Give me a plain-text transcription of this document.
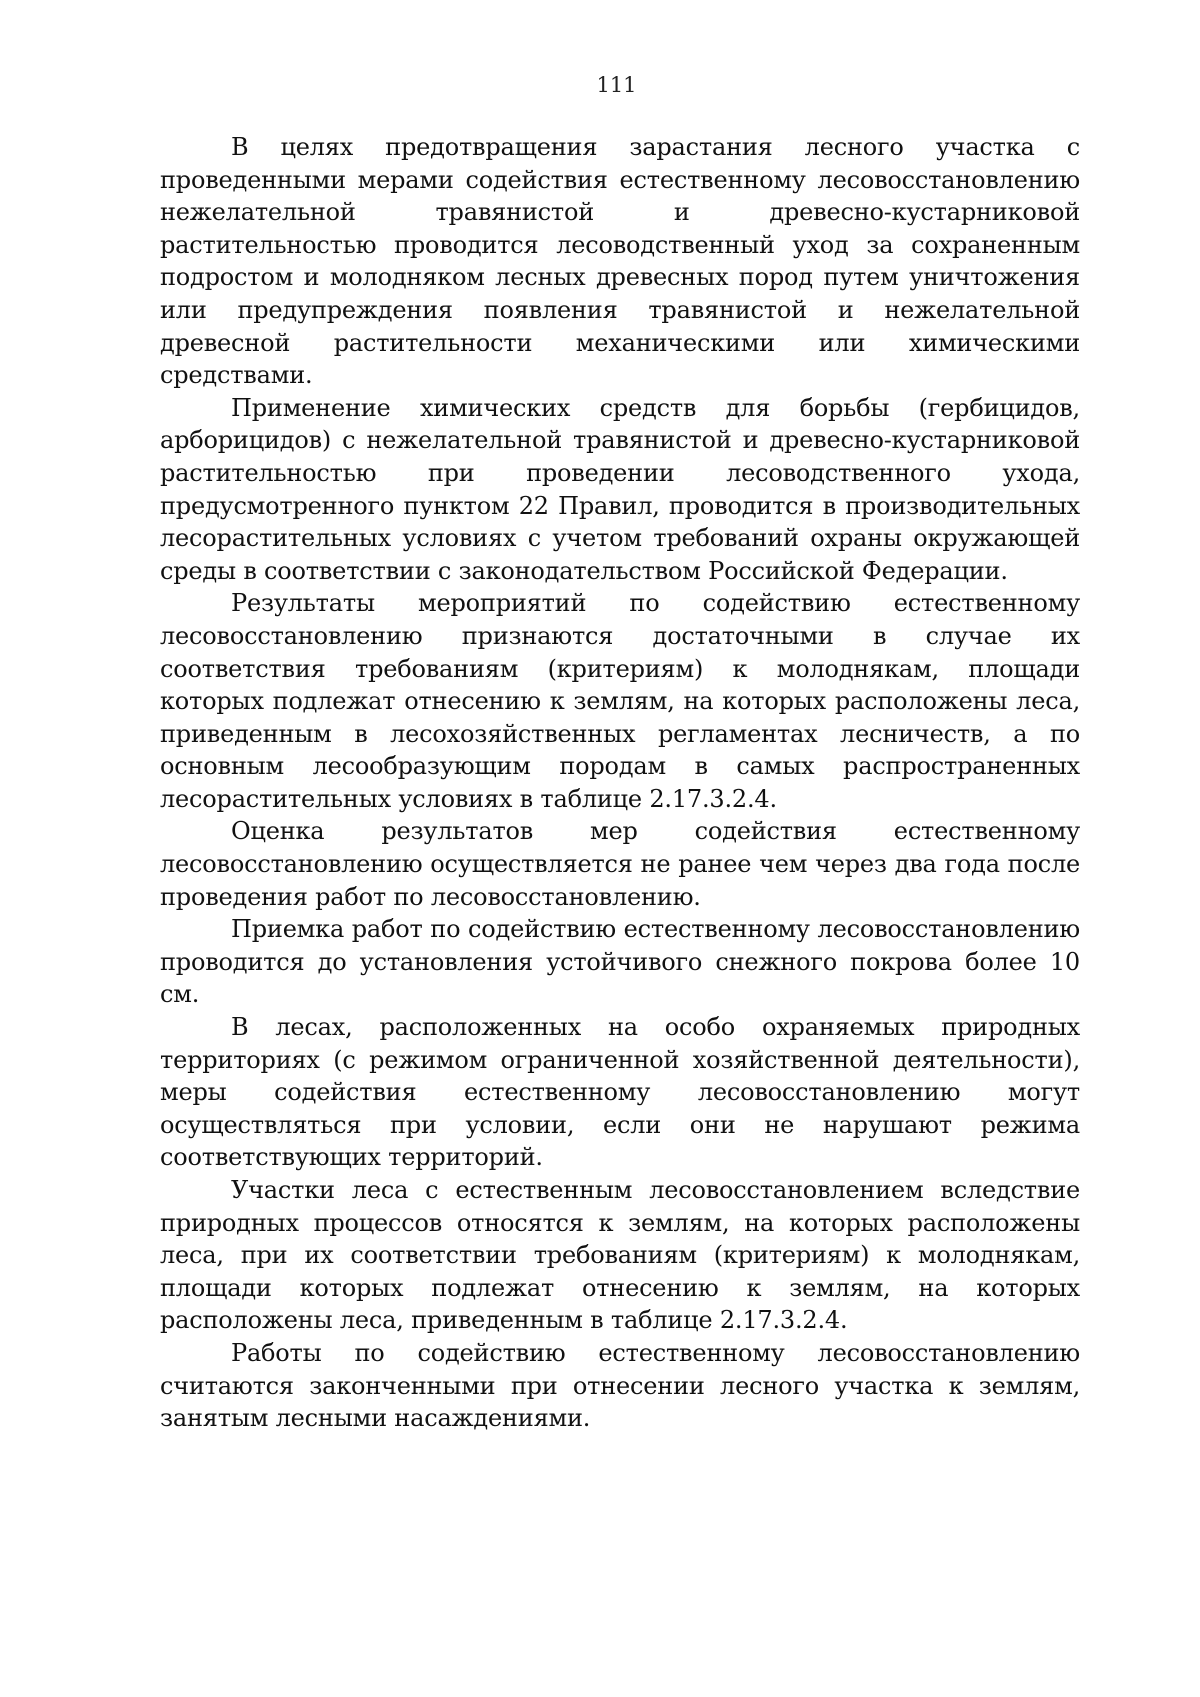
111

В целях предотвращения зарастания лесного участка с проведенными мерами содействия естественному лесовосстановлению нежелательной травянистой и древесно-кустарниковой растительностью проводится лесоводственный уход за сохраненным подростом и молодняком лесных древесных пород путем уничтожения или предупреждения появления травянистой и нежелательной древесной растительности механическими или химическими средствами.

Применение химических средств для борьбы (гербицидов, арборицидов) с нежелательной травянистой и древесно-кустарниковой растительностью при проведении лесоводственного ухода, предусмотренного пунктом 22 Правил, проводится в производительных лесорастительных условиях с учетом требований охраны окружающей среды в соответствии с законодательством Российской Федерации.

Результаты мероприятий по содействию естественному лесовосстановлению признаются достаточными в случае их соответствия требованиям (критериям) к молоднякам, площади которых подлежат отнесению к землям, на которых расположены леса, приведенным в лесохозяйственных регламентах лесничеств, а по основным лесообразующим породам в самых распространенных лесорастительных условиях в таблице 2.17.3.2.4.

Оценка результатов мер содействия естественному лесовосстановлению осуществляется не ранее чем через два года после проведения работ по лесовосстановлению.

Приемка работ по содействию естественному лесовосстановлению проводится до установления устойчивого снежного покрова более 10 см.

В лесах, расположенных на особо охраняемых природных территориях (с режимом ограниченной хозяйственной деятельности), меры содействия естественному лесовосстановлению могут осуществляться при условии, если они не нарушают режима соответствующих территорий.

Участки леса с естественным лесовосстановлением вследствие природных процессов относятся к землям, на которых расположены леса, при их соответствии требованиям (критериям) к молоднякам, площади которых подлежат отнесению к землям, на которых расположены леса, приведенным в таблице 2.17.3.2.4.

Работы по содействию естественному лесовосстановлению считаются законченными при отнесении лесного участка к землям, занятым лесными насаждениями.
